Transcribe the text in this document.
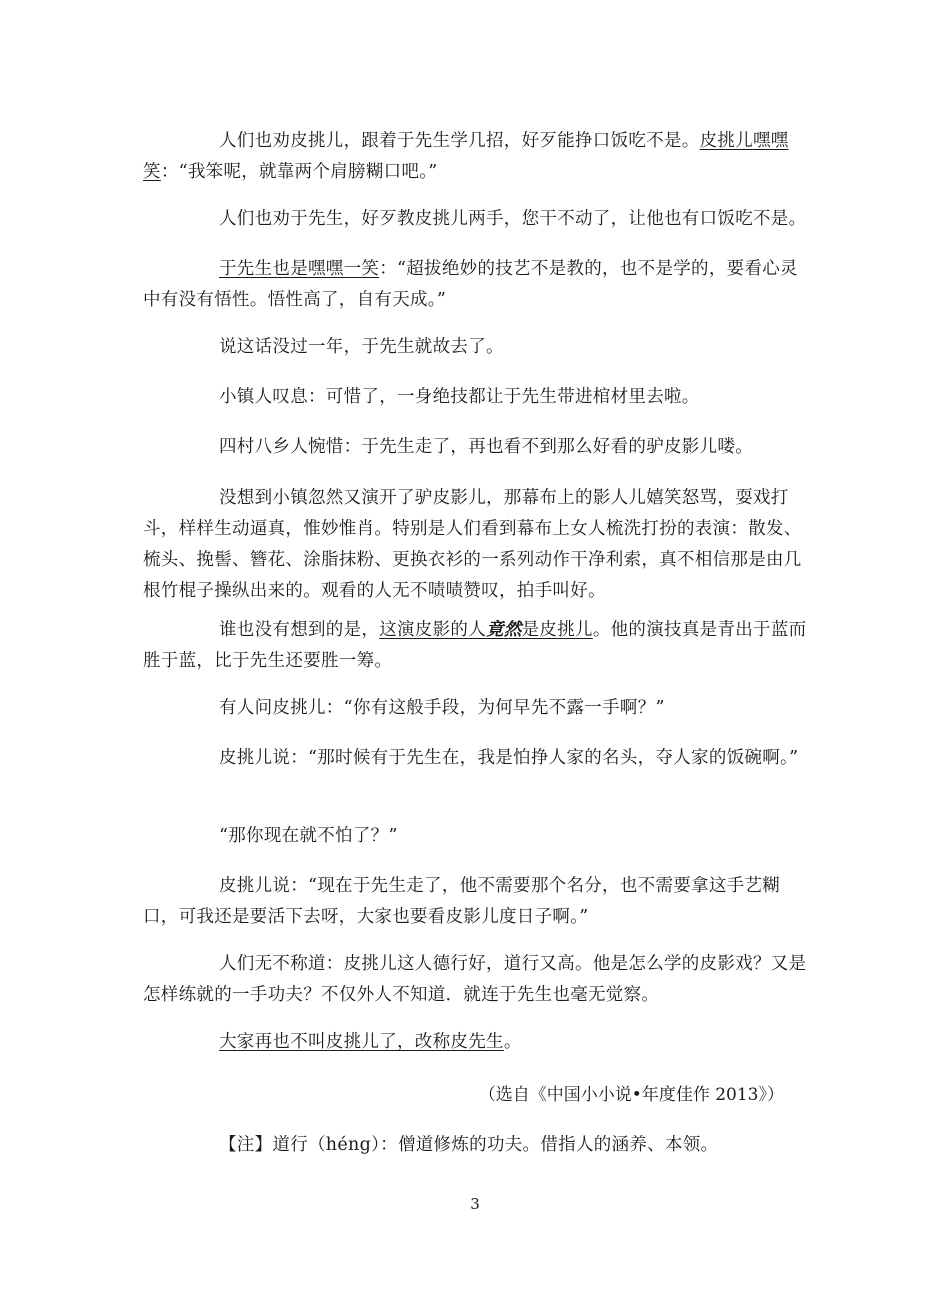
人们也劝皮挑儿，跟着于先生学几招，好歹能挣口饭吃不是。皮挑儿嘿嘿笑：“我笨呢，就靠两个肩膀糊口吧。”

人们也劝于先生，好歹教皮挑儿两手，您干不动了，让他也有口饭吃不是。

于先生也是嘿嘿一笑：“超拔绝妙的技艺不是教的，也不是学的，要看心灵中有没有悟性。悟性高了，自有天成。”

说这话没过一年，于先生就故去了。

小镇人叹息：可惜了，一身绝技都让于先生带进棺材里去啦。

四村八乡人惋惜：于先生走了，再也看不到那么好看的驴皮影儿喽。

没想到小镇忽然又演开了驴皮影儿，那幕布上的影人儿嬉笑怒骂，耍戏打斗，样样生动逼真，惟妙惟肖。特别是人们看到幕布上女人梳洗打扮的表演：散发、梳头、挽髻、簪花、涂脂抹粉、更换衣衫的一系列动作干净利索，真不相信那是由几根竹棍子操纵出来的。观看的人无不啧啧赞叹，拍手叫好。

谁也没有想到的是，这演皮影的人竟然是皮挑儿。他的演技真是青出于蓝而胜于蓝，比于先生还要胜一筹。

有人问皮挑儿：“你有这般手段，为何早先不露一手啊？”

皮挑儿说：“那时候有于先生在，我是怕挣人家的名头，夺人家的饭碗啊。”

“那你现在就不怕了？”

皮挑儿说：“现在于先生走了，他不需要那个名分，也不需要拿这手艺糊口，可我还是要活下去呀，大家也要看皮影儿度日子啊。”

人们无不称道：皮挑儿这人德行好，道行又高。他是怎么学的皮影戏？又是怎样练就的一手功夫？不仅外人不知道．就连于先生也毫无觉察。

大家再也不叫皮挑儿了，改称皮先生。

（选自《中国小小说•年度佳作 2013》）

【注】道行（héng）：僧道修炼的功夫。借指人的涵养、本领。

3
